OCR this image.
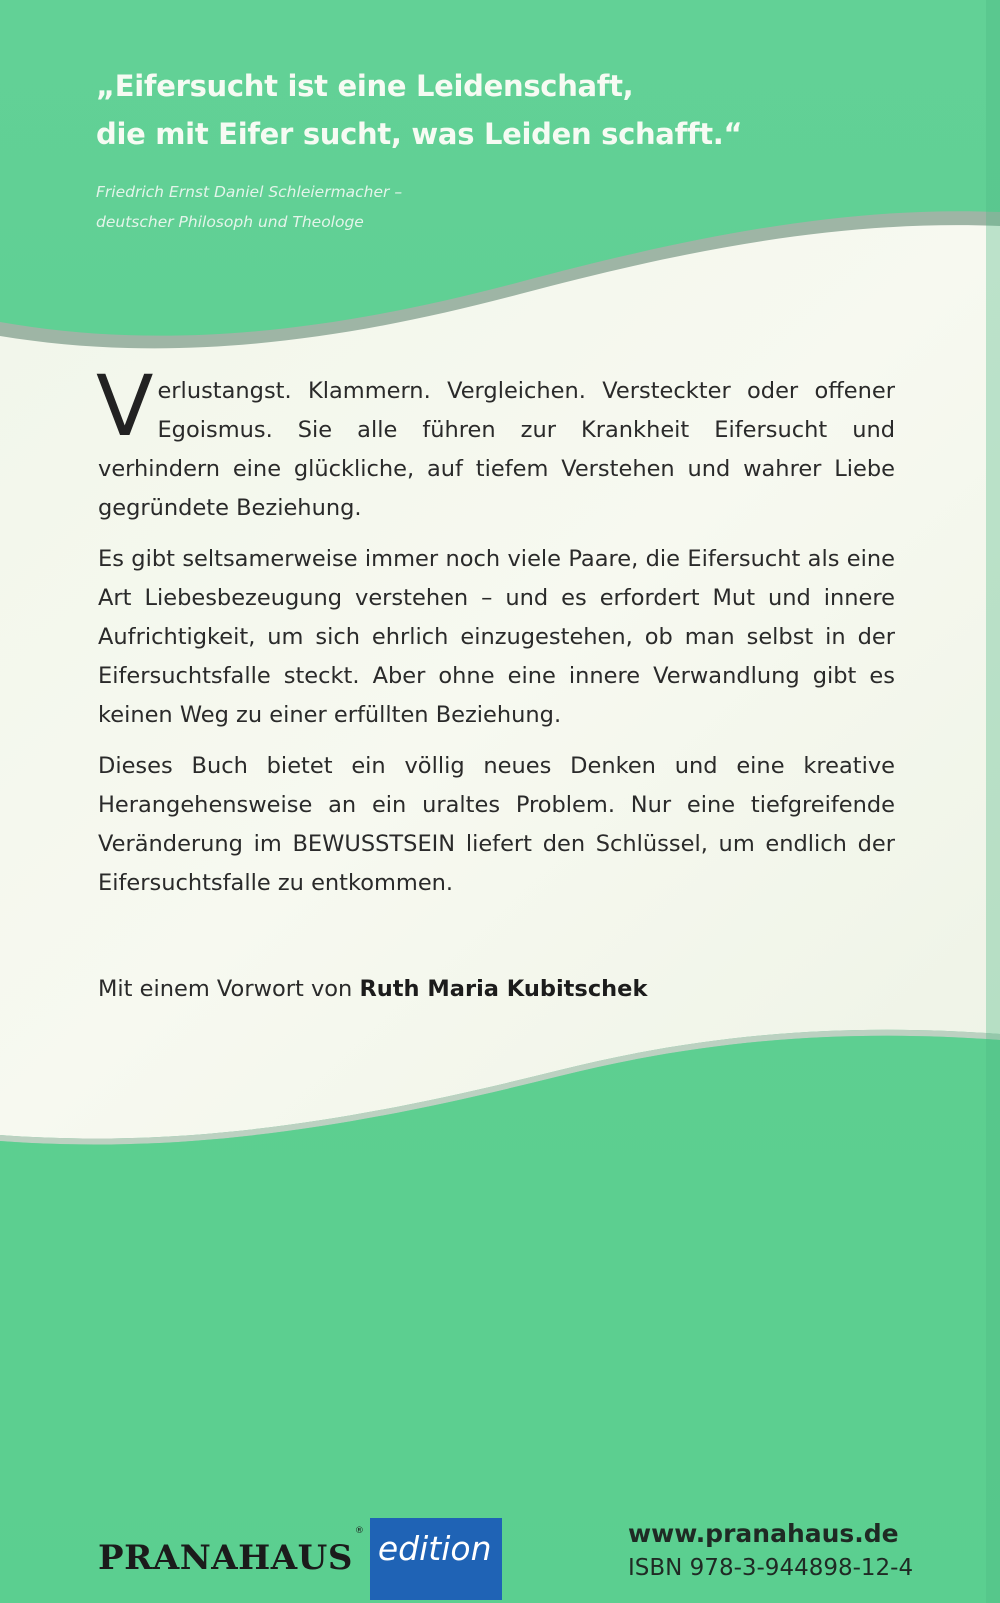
„Eifersucht ist eine Leidenschaft,
die mit Eifer sucht, was Leiden schafft.“

Friedrich Ernst Daniel Schleiermacher –
deutscher Philosoph und Theologe

Verlustangst. Klammern. Vergleichen. Versteckter oder offener Egoismus. Sie alle führen zur Krankheit Eifersucht und verhindern eine glückliche, auf tiefem Verstehen und wahrer Liebe gegründete Beziehung.

Es gibt seltsamerweise immer noch viele Paare, die Eifersucht als eine Art Liebesbezeugung verstehen – und es erfordert Mut und innere Aufrichtigkeit, um sich ehrlich einzugestehen, ob man selbst in der Eifersuchtsfalle steckt. Aber ohne eine innere Verwandlung gibt es keinen Weg zu einer erfüllten Beziehung.

Dieses Buch bietet ein völlig neues Denken und eine kreative Herangehensweise an ein uraltes Problem. Nur eine tiefgreifende Veränderung im BEWUSSTSEIN liefert den Schlüssel, um endlich der Eifersuchtsfalle zu entkommen.

Mit einem Vorwort von Ruth Maria Kubitschek

PRANAHAUS
® edition	www.pranahaus.de
ISBN 978-3-944898-12-4
